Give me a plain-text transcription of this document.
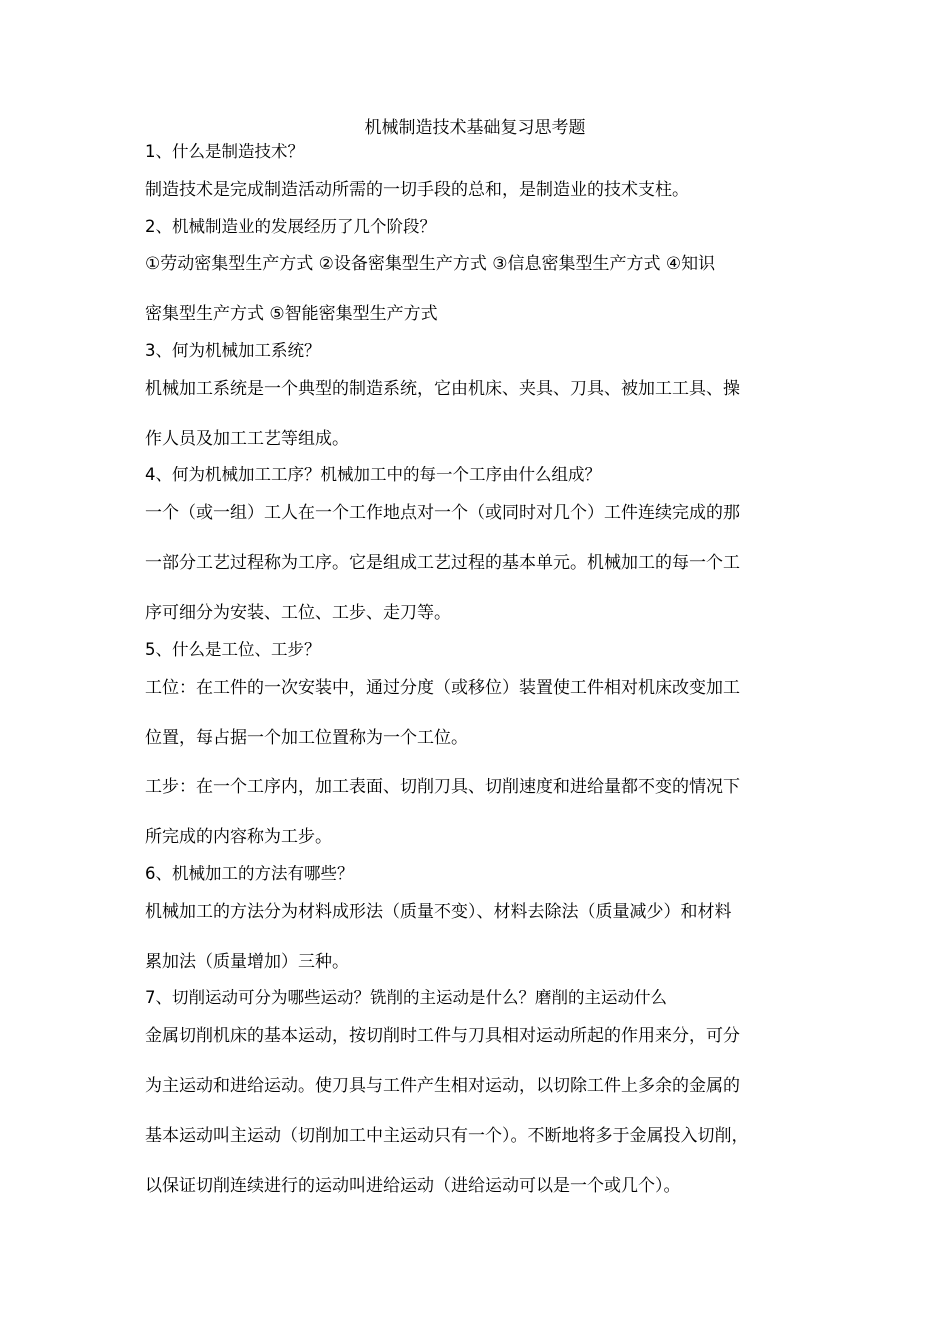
机械制造技术基础复习思考题
1、什么是制造技术？
制造技术是完成制造活动所需的一切手段的总和，是制造业的技术支柱。
2、机械制造业的发展经历了几个阶段？
①劳动密集型生产方式 ②设备密集型生产方式 ③信息密集型生产方式 ④知识
密集型生产方式 ⑤智能密集型生产方式
3、何为机械加工系统？
机械加工系统是一个典型的制造系统，它由机床、夹具、刀具、被加工工具、操
作人员及加工工艺等组成。
4、何为机械加工工序？机械加工中的每一个工序由什么组成？
一个（或一组）工人在一个工作地点对一个（或同时对几个）工件连续完成的那
一部分工艺过程称为工序。它是组成工艺过程的基本单元。机械加工的每一个工
序可细分为安装、工位、工步、走刀等。
5、什么是工位、工步？
工位：在工件的一次安装中，通过分度（或移位）装置使工件相对机床改变加工
位置，每占据一个加工位置称为一个工位。
工步：在一个工序内，加工表面、切削刀具、切削速度和进给量都不变的情况下
所完成的内容称为工步。
6、机械加工的方法有哪些？
机械加工的方法分为材料成形法（质量不变）、材料去除法（质量减少）和材料
累加法（质量增加）三种。
7、切削运动可分为哪些运动？铣削的主运动是什么？磨削的主运动什么
金属切削机床的基本运动，按切削时工件与刀具相对运动所起的作用来分，可分
为主运动和进给运动。使刀具与工件产生相对运动，以切除工件上多余的金属的
基本运动叫主运动（切削加工中主运动只有一个）。不断地将多于金属投入切削，
以保证切削连续进行的运动叫进给运动（进给运动可以是一个或几个）。
